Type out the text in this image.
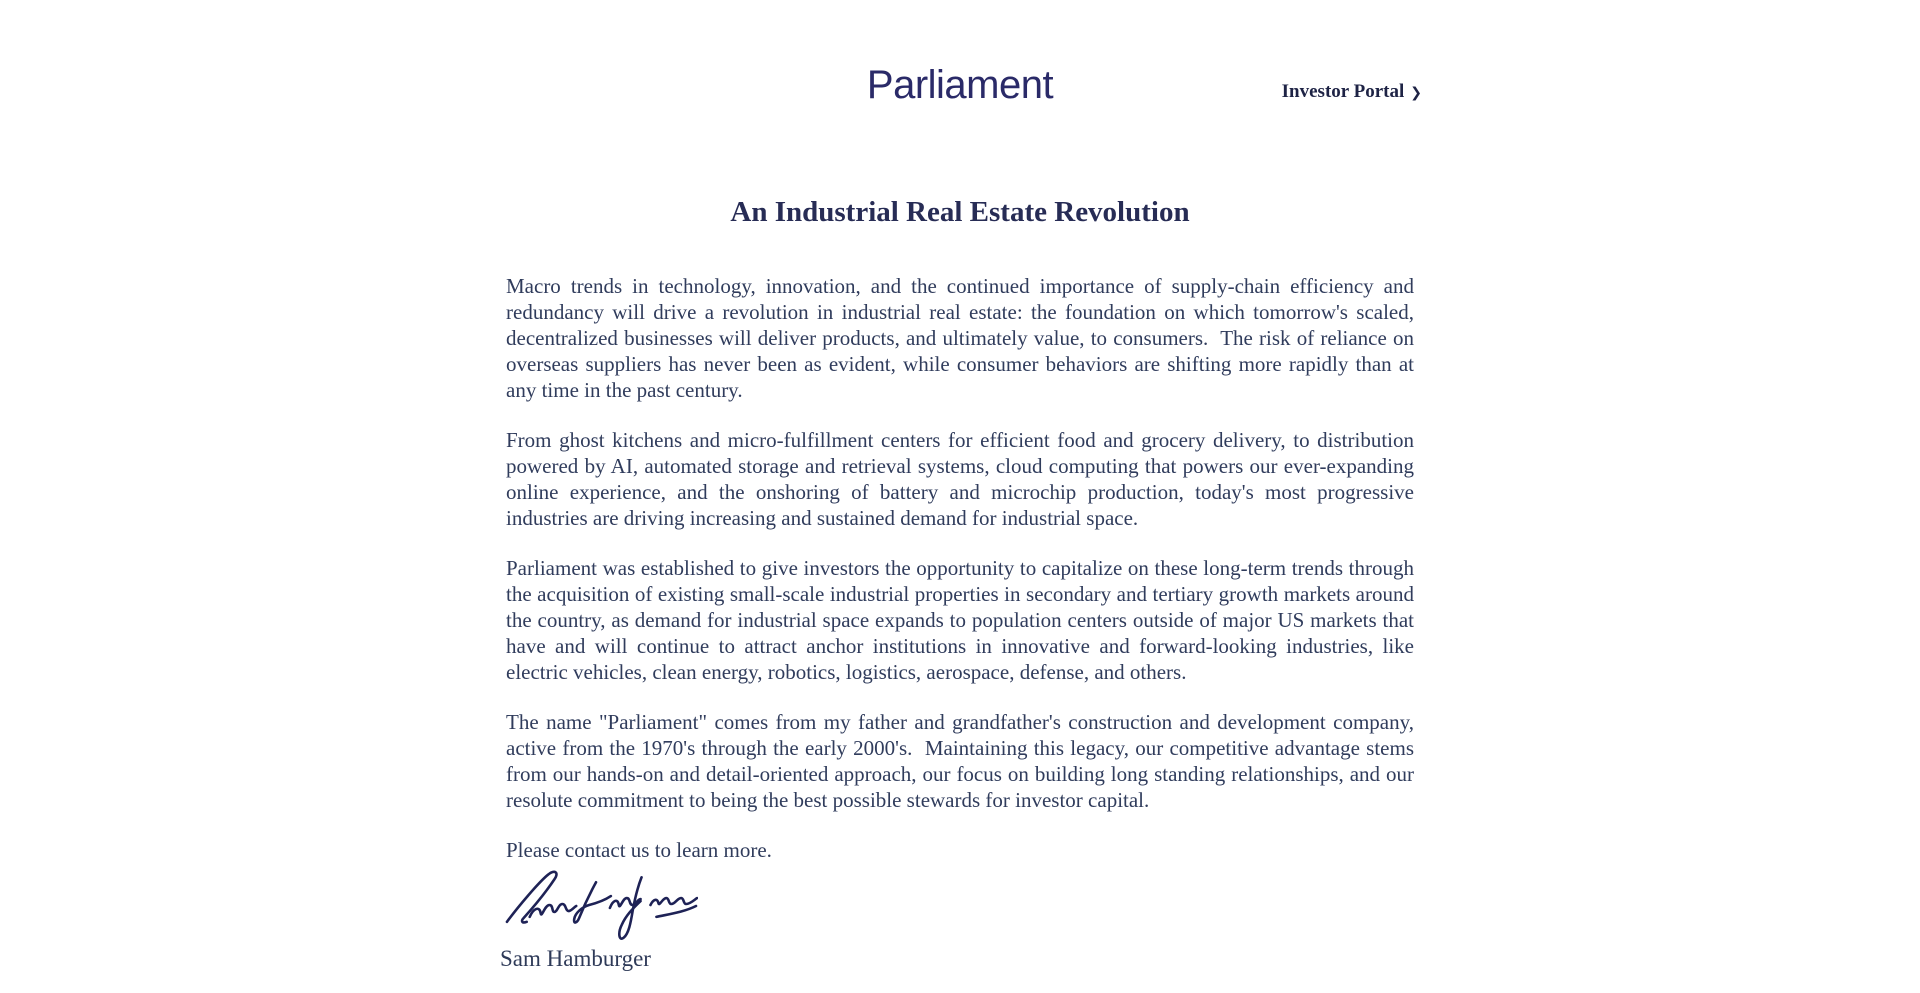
Parliament	Investor Portal ❯
An Industrial Real Estate Revolution

Macro trends in technology, innovation, and the continued importance of supply-chain efficiency and redundancy will drive a revolution in industrial real estate: the foundation on which tomorrow's scaled, decentralized businesses will deliver products, and ultimately value, to consumers.  The risk of reliance on overseas suppliers has never been as evident, while consumer behaviors are shifting more rapidly than at any time in the past century.

From ghost kitchens and micro-fulfillment centers for efficient food and grocery delivery, to distribution powered by AI, automated storage and retrieval systems, cloud computing that powers our ever-expanding online experience, and the onshoring of battery and microchip production, today's most progressive industries are driving increasing and sustained demand for industrial space.

Parliament was established to give investors the opportunity to capitalize on these long-term trends through the acquisition of existing small-scale industrial properties in secondary and tertiary growth markets around the country, as demand for industrial space expands to population centers outside of major US markets that have and will continue to attract anchor institutions in innovative and forward-looking industries, like electric vehicles, clean energy, robotics, logistics, aerospace, defense, and others.

The name "Parliament" comes from my father and grandfather's construction and development company, active from the 1970's through the early 2000's.  Maintaining this legacy, our competitive advantage stems from our hands-on and detail-oriented approach, our focus on building long standing relationships, and our resolute commitment to being the best possible stewards for investor capital.

Please contact us to learn more.

Sam Hamburger
